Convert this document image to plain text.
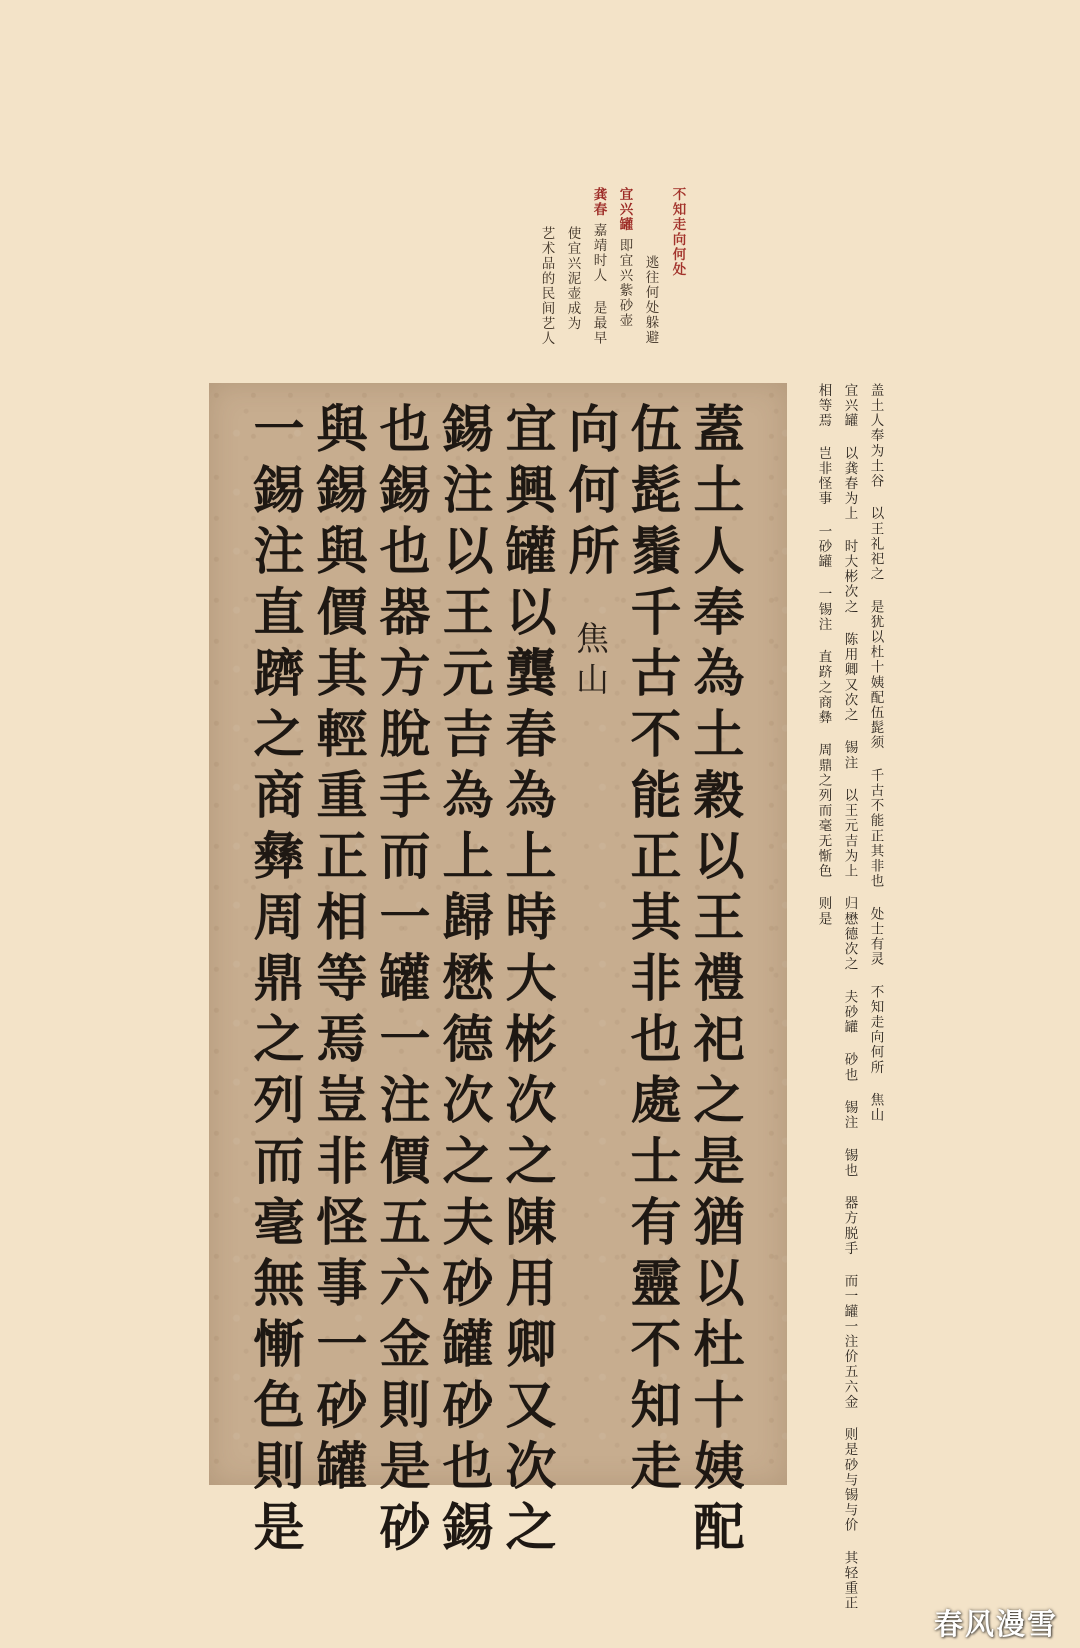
不知走向何处
逃往何处躲避
宜兴罐即宜兴紫砂壶
龚春嘉靖时人 是最早
使宜兴泥壶成为
艺术品的民间艺人
蓋土人奉為土穀以王禮祀之是猶以杜十姨配
伍髭鬚千古不能正其非也處士有靈不知走
向何所
焦山
宜興罐以龔春為上時大彬次之陳用卿又次之
錫注以王元吉為上歸懋德次之夫砂罐砂也錫
也錫也器方脫手而一罐一注價五六金則是砂
與錫與價其輕重正相等焉豈非怪事一砂罐
一錫注直躋之商彝周鼎之列而毫無慚色則是	盖土人奉为土谷 以王礼祀之 是犹以杜十姨配伍髭须 千古不能正其非也 处士有灵 不知走向何所 焦山
宜兴罐 以龚春为上 时大彬次之 陈用卿又次之 锡注 以王元吉为上 归懋德次之 夫砂罐 砂也 锡注 锡也 器方脱手 而一罐一注价五六金 则是砂与锡与价 其轻重正
相等焉 岂非怪事 一砂罐 一锡注 直跻之商彝 周鼎之列而毫无惭色 则是
春风漫雪
